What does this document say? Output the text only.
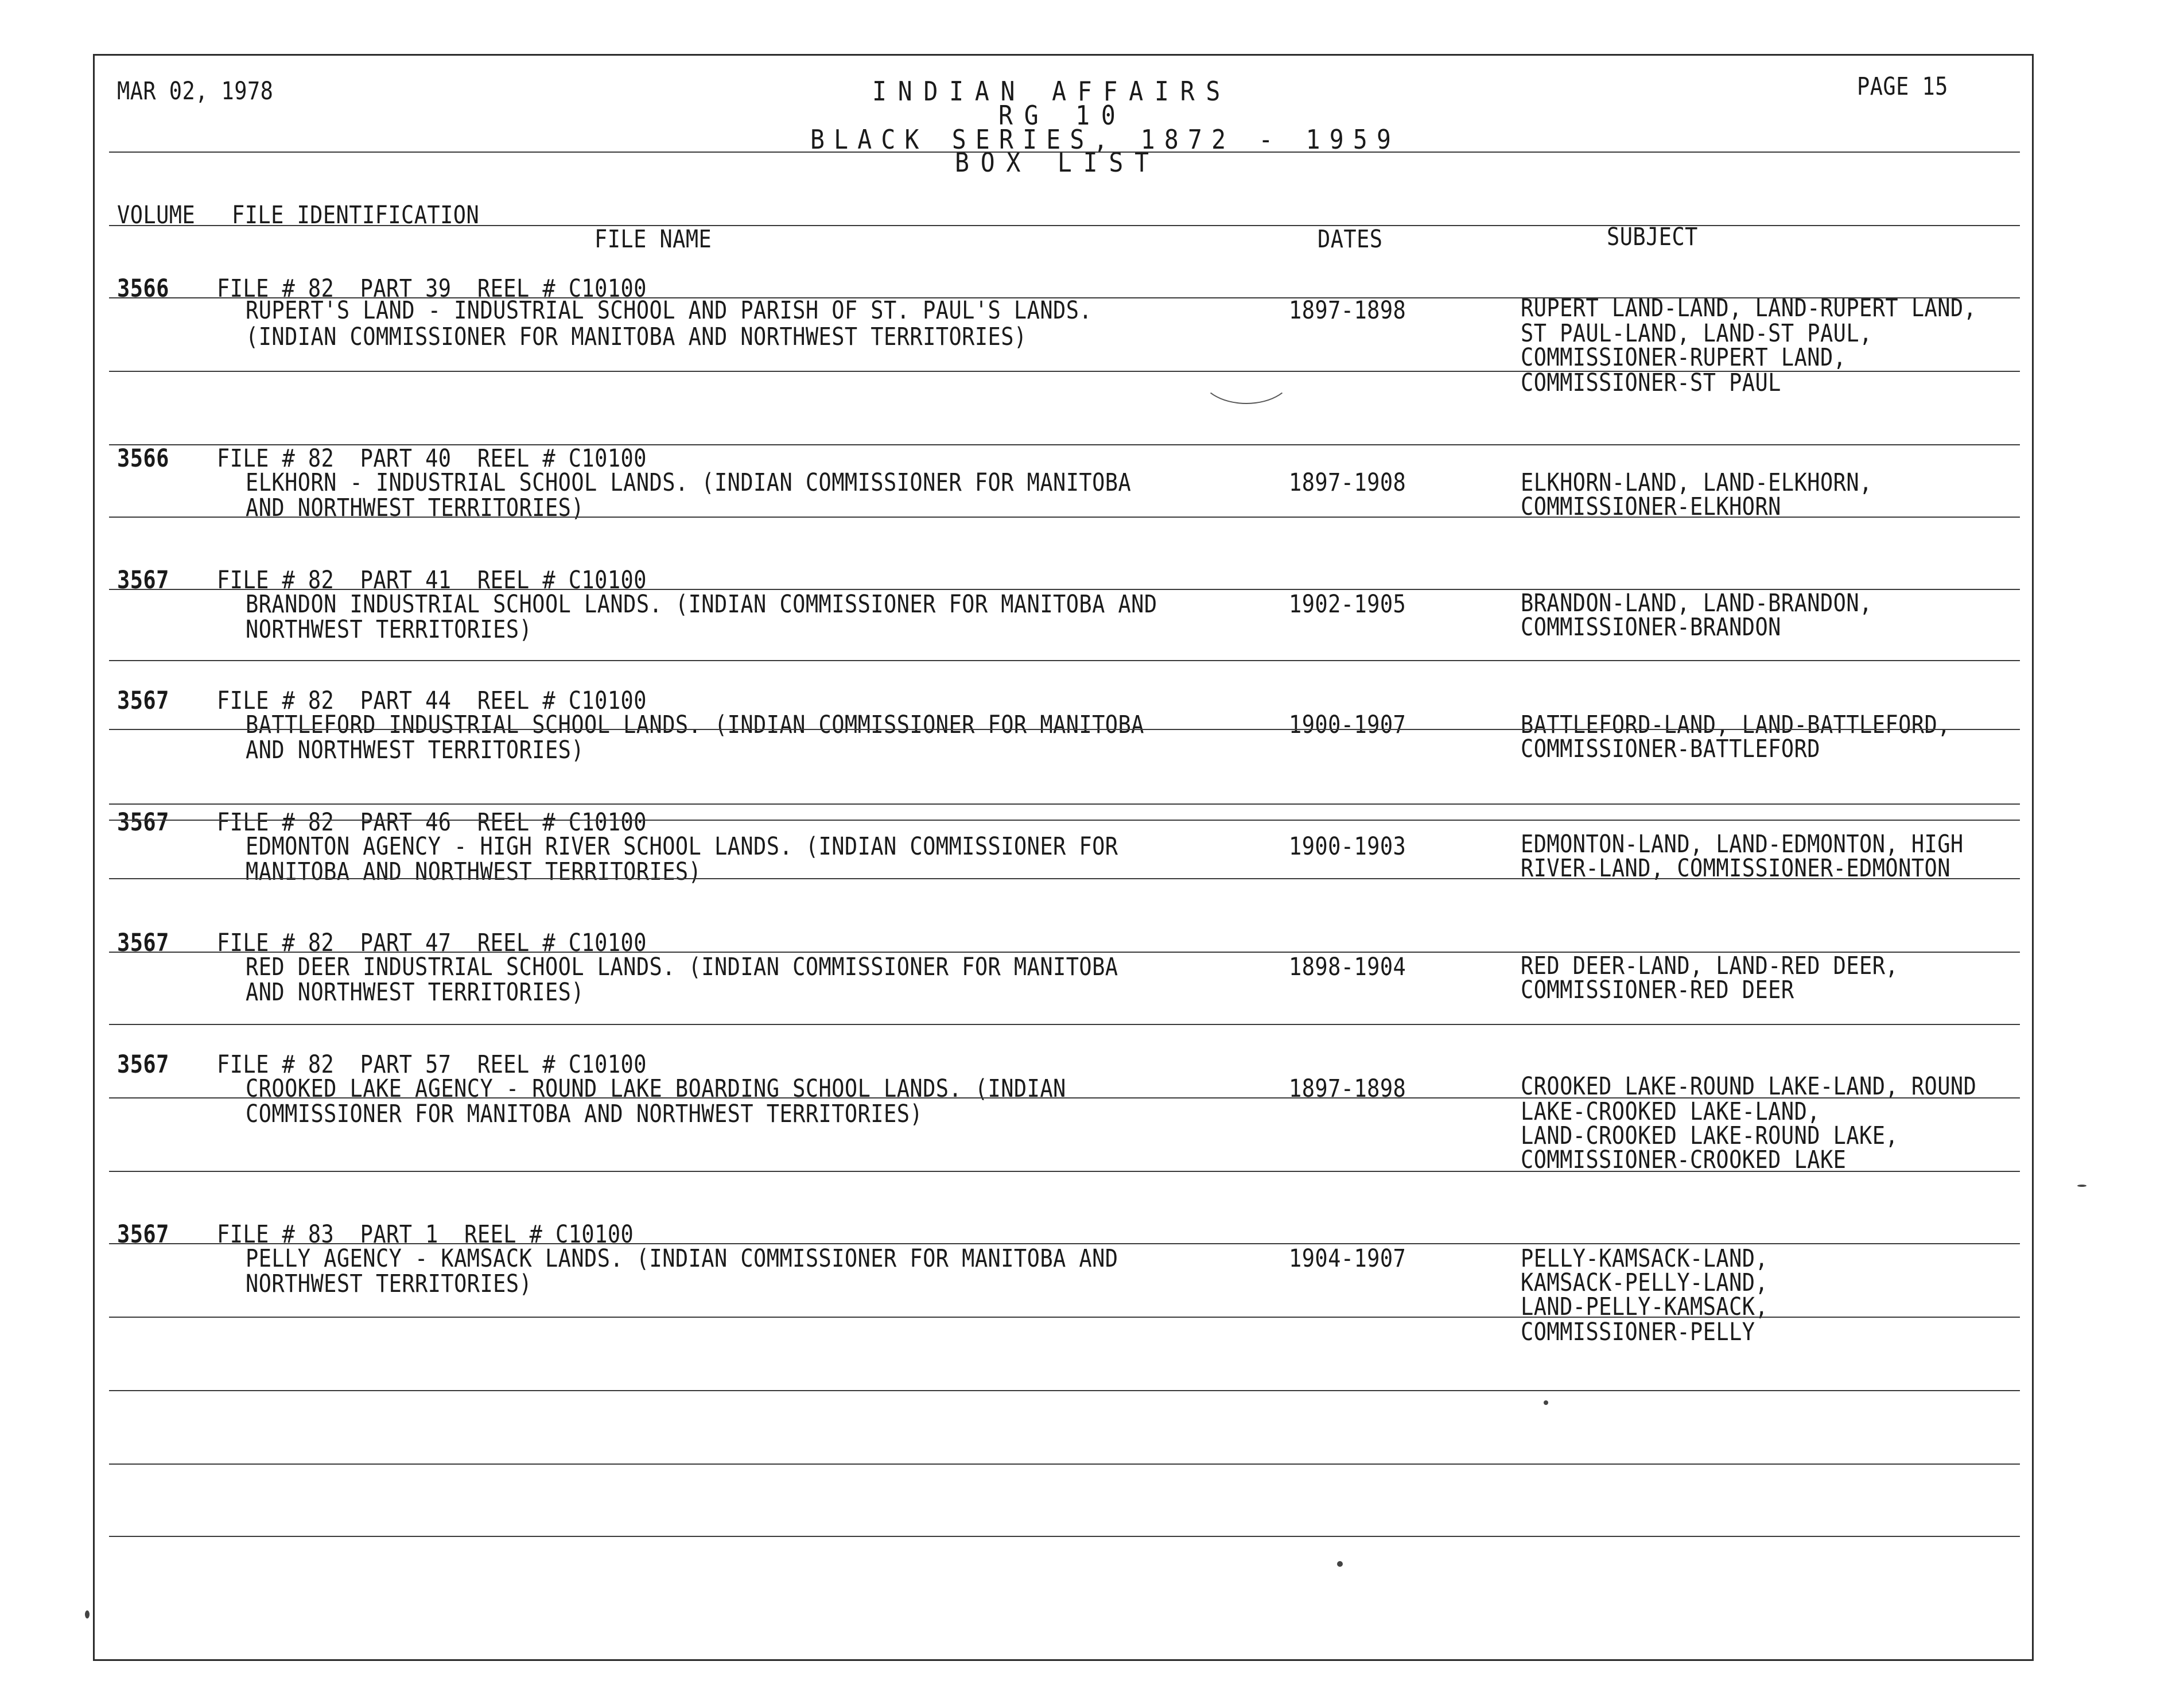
MAR 02, 1978	INDIAN AFFAIRS
RG 10
BLACK SERIES, 1872 - 1959
BOX LIST
PAGE 15
VOLUME FILE IDENTIFICATION
FILE NAME	DATES	SUBJECT
3566 FILE # 82  PART 39  REEL # C10100
RUPERT'S LAND - INDUSTRIAL SCHOOL AND PARISH OF ST. PAUL'S LANDS.
(INDIAN COMMISSIONER FOR MANITOBA AND NORTHWEST TERRITORIES)
1897-1898	RUPERT LAND-LAND, LAND-RUPERT LAND,
ST PAUL-LAND, LAND-ST PAUL,
COMMISSIONER-RUPERT LAND,
COMMISSIONER-ST PAUL
3566 FILE # 82  PART 40  REEL # C10100
ELKHORN - INDUSTRIAL SCHOOL LANDS. (INDIAN COMMISSIONER FOR MANITOBA
AND NORTHWEST TERRITORIES)
1897-1908	ELKHORN-LAND, LAND-ELKHORN,
COMMISSIONER-ELKHORN
3567 FILE # 82  PART 41  REEL # C10100
BRANDON INDUSTRIAL SCHOOL LANDS. (INDIAN COMMISSIONER FOR MANITOBA AND
NORTHWEST TERRITORIES)
1902-1905	BRANDON-LAND, LAND-BRANDON,
COMMISSIONER-BRANDON
3567 FILE # 82  PART 44  REEL # C10100
BATTLEFORD INDUSTRIAL SCHOOL LANDS. (INDIAN COMMISSIONER FOR MANITOBA
AND NORTHWEST TERRITORIES)
1900-1907	BATTLEFORD-LAND, LAND-BATTLEFORD,
COMMISSIONER-BATTLEFORD
3567 FILE # 82  PART 46  REEL # C10100
EDMONTON AGENCY - HIGH RIVER SCHOOL LANDS. (INDIAN COMMISSIONER FOR
MANITOBA AND NORTHWEST TERRITORIES)
1900-1903	EDMONTON-LAND, LAND-EDMONTON, HIGH
RIVER-LAND, COMMISSIONER-EDMONTON
3567 FILE # 82  PART 47  REEL # C10100
RED DEER INDUSTRIAL SCHOOL LANDS. (INDIAN COMMISSIONER FOR MANITOBA
AND NORTHWEST TERRITORIES)
1898-1904	RED DEER-LAND, LAND-RED DEER,
COMMISSIONER-RED DEER
3567 FILE # 82  PART 57  REEL # C10100
CROOKED LAKE AGENCY - ROUND LAKE BOARDING SCHOOL LANDS. (INDIAN
COMMISSIONER FOR MANITOBA AND NORTHWEST TERRITORIES)
1897-1898	CROOKED LAKE-ROUND LAKE-LAND, ROUND
LAKE-CROOKED LAKE-LAND,
LAND-CROOKED LAKE-ROUND LAKE,
COMMISSIONER-CROOKED LAKE
3567 FILE # 83  PART 1  REEL # C10100
PELLY AGENCY - KAMSACK LANDS. (INDIAN COMMISSIONER FOR MANITOBA AND
NORTHWEST TERRITORIES)
1904-1907	PELLY-KAMSACK-LAND,
KAMSACK-PELLY-LAND,
LAND-PELLY-KAMSACK,
COMMISSIONER-PELLY
